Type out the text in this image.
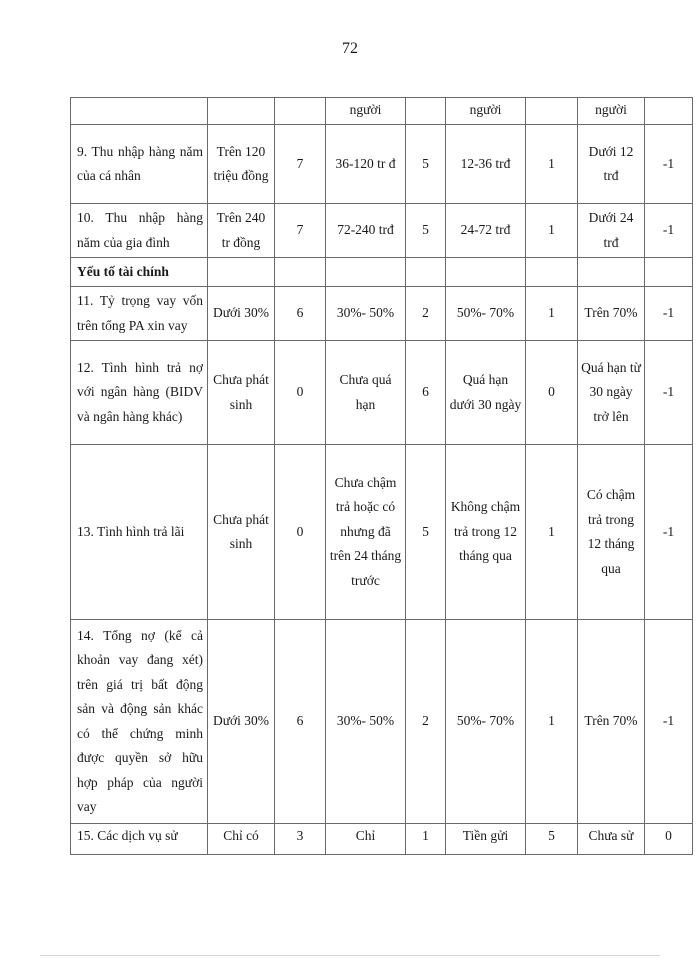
72
			người		người		người	
9. Thu nhập hàng năm của cá nhân	Trên 120 triệu đồng	7	36-120 tr đ	5	12-36 trđ	1	Dưới 12 trđ	-1
10. Thu nhập hàng năm của gia đình	Trên 240 tr đồng	7	72-240 trđ	5	24-72 trđ	1	Dưới 24 trđ	-1
Yếu tố tài chính								
11. Tỷ trọng vay vốn trên tổng PA xin vay	Dưới 30%	6	30%- 50%	2	50%- 70%	1	Trên 70%	-1
12. Tình hình trả nợ với ngân hàng (BIDV và ngân hàng khác)	Chưa phát sinh	0	Chưa quá hạn	6	Quá hạn dưới 30 ngày	0	Quá hạn từ 30 ngày trở lên	-1
13. Tình hình trả lãi	Chưa phát sinh	0	Chưa chậm trả hoặc có nhưng đã trên 24 tháng trước	5	Không chậm trả trong 12 tháng qua	1	Có chậm trả trong 12 tháng qua	-1
14. Tổng nợ (kể cả khoản vay đang xét) trên giá trị bất động sản và động sản khác có thể chứng minh được quyền sở hữu hợp pháp của người vay	Dưới 30%	6	30%- 50%	2	50%- 70%	1	Trên 70%	-1
15. Các dịch vụ sử	Chỉ có	3	Chỉ	1	Tiền gửi	5	Chưa sử	0
